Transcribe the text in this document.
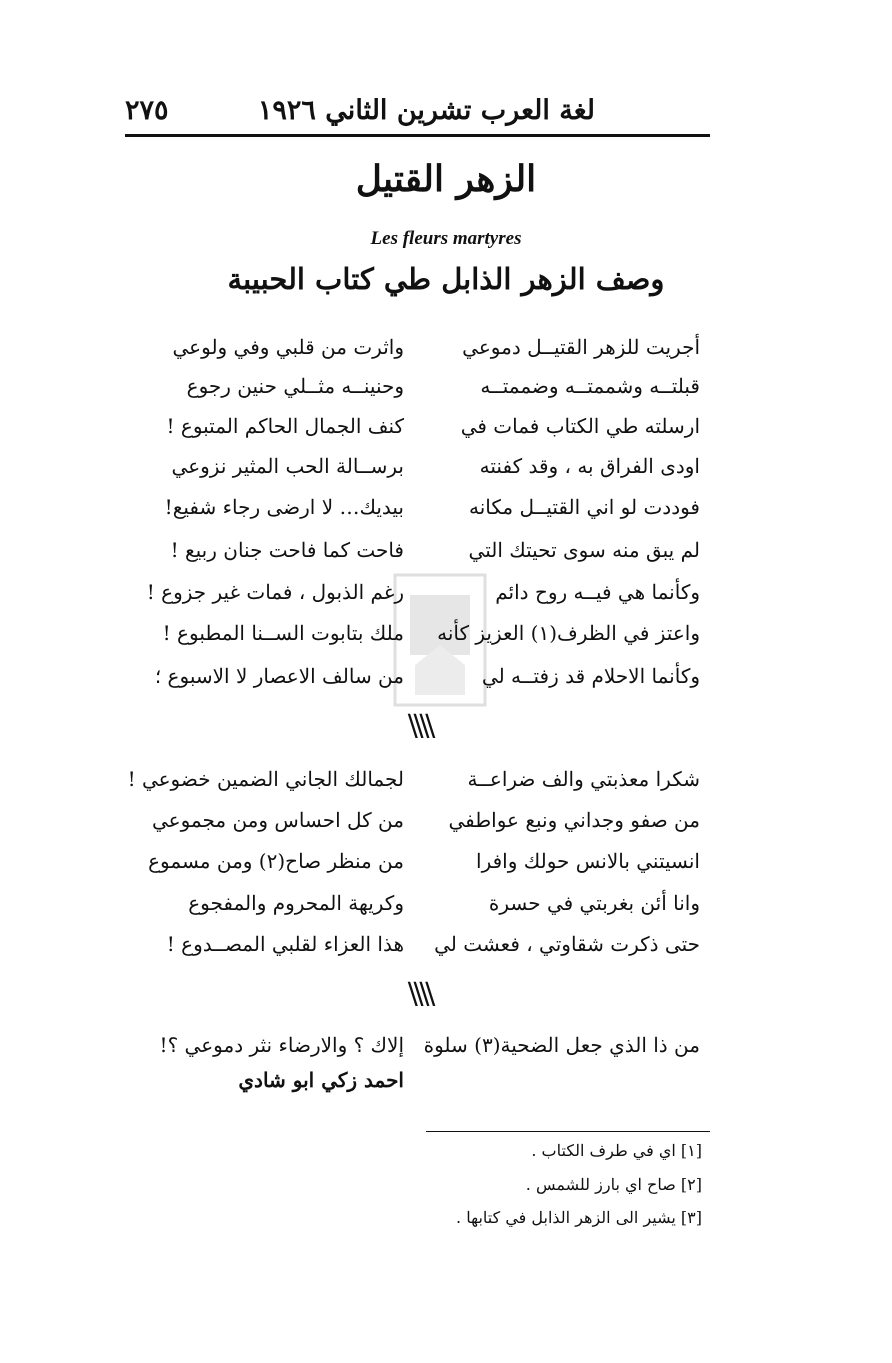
لغة العرب تشرين الثاني ١٩٢٦
٢٧٥
الزهر القتيل
Les fleurs martyres
وصف الزهر الذابل طي كتاب الحبيبة
أجريت للزهر القتيــل دموعي
واثرت من قلبي وفي ولوعي
قبلتــه وشممتــه وضممتــه
وحنينــه مثــلي حنين رجوع
ارسلته طي الكتاب فمات في
كنف الجمال الحاكم المتبوع !
اودى الفراق به ، وقد كفنته
برســالة الحب المثير نزوعي
فوددت لو اني القتيــل مكانه
بيديك… لا ارضى رجاء شفيع!
لم يبق منه سوى تحيتك التي
فاحت كما فاحت جنان ربيع !
وكأنما هي فيــه روح دائم
رغم الذبول ، فمات غير جزوع !
واعتز في الظرف(١) العزيز كأنه
ملك بتابوت الســنا المطبوع !
وكأنما الاحلام قد زفتــه لي
من سالف الاعصار لا الاسبوع ؛
⧹⧹⧹⧹
شكرا معذبتي والف ضراعــة
لجمالك الجاني الضمين خضوعي !
من صفو وجداني ونبع عواطفي
من كل احساس ومن مجموعي
انسيتني بالانس حولك وافرا
من منظر صاح(٢) ومن مسموع
وانا أئن بغربتي في حسرة
وكريهة المحروم والمفجوع
حتى ذكرت شقاوتي ، فعشت لي
هذا العزاء لقلبي المصــدوع !
⧹⧹⧹⧹
من ذا الذي جعل الضحية(٣) سلوة
إلاك ؟ والارضاء نثر دموعي ؟!
احمد زكي ابو شادي
[١] اي في طرف الكتاب .
[٢] صاح اي بارز للشمس .
[٣] يشير الى الزهر الذابل في كتابها .
